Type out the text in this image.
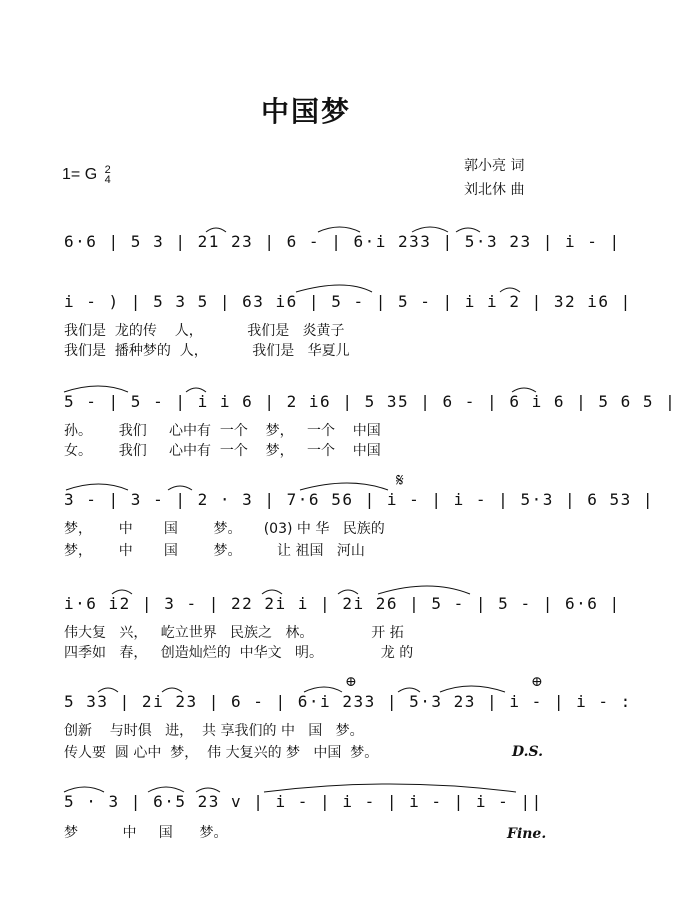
中国梦
1= G 2
4
郭小亮 词
刘北休 曲
6·6 | 5 3 | 21 23 | 6 - | 6·i 233 | 5·3 23 | i - |
i - ) | 5 3 5 | 63 i6 | 5 - | 5 - | i i 2 | 32 i6 |
我们是  龙的传    人，          我们是   炎黄子
我们是  播种梦的  人，          我们是   华夏儿
5 - | 5 - | i i 6 | 2 i6 | 5 35 | 6 - | 6 i 6 | 5 6 5 |
孙。      我们     心中有  一个    梦，   一个    中国
女。      我们     心中有  一个    梦，   一个    中国
3 - | 3 - | 2 · 3 | 7·6 56 | i - | i - | 5·3 | 6 53 |
梦，      中       国        梦。     (03) 中 华   民族的
梦，      中       国        梦。        让 祖国   河山
𝄋
i·6 i2 | 3 - | 22 2i i | 2i 26 | 5 - | 5 - | 6·6 |
伟大复   兴，   屹立世界   民族之   林。             开 拓
四季如   春，   创造灿烂的  中华文   明。             龙 的
5 33 | 2i 23 | 6 - | 6·i 233 | 5·3 23 | i - | i - :
创新    与时俱   进，  共 享我们的 中   国   梦。
传人要  圆 心中  梦，  伟 大复兴的 梦   中国  梦。
⊕	⊕
D.S.
5 · 3 | 6·5 23 v | i - | i - | i - | i - ||
梦          中     国      梦。	Fine.
